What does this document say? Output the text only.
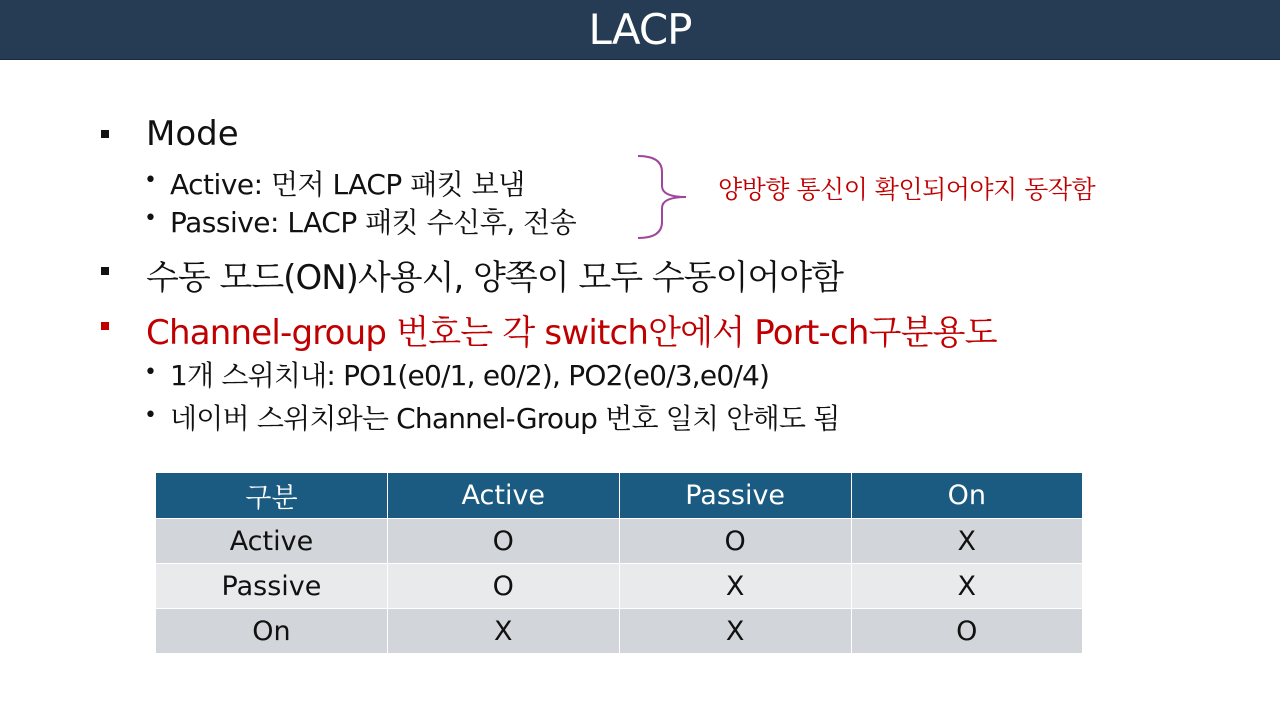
LACP
Mode
• Active: 먼저 LACP 패킷 보냄
• Passive: LACP 패킷 수신후, 전송
양방향 통신이 확인되어야지 동작함
수동 모드(ON)사용시, 양쪽이 모두 수동이어야함
Channel-group 번호는 각 switch안에서 Port-ch구분용도
• 1개 스위치내: PO1(e0/1, e0/2), PO2(e0/3,e0/4)
• 네이버 스위치와는 Channel-Group 번호 일치 안해도 됨
구분	Active	Passive	On
Active	O	O	X
Passive	O	X	X
On	X	X	O
